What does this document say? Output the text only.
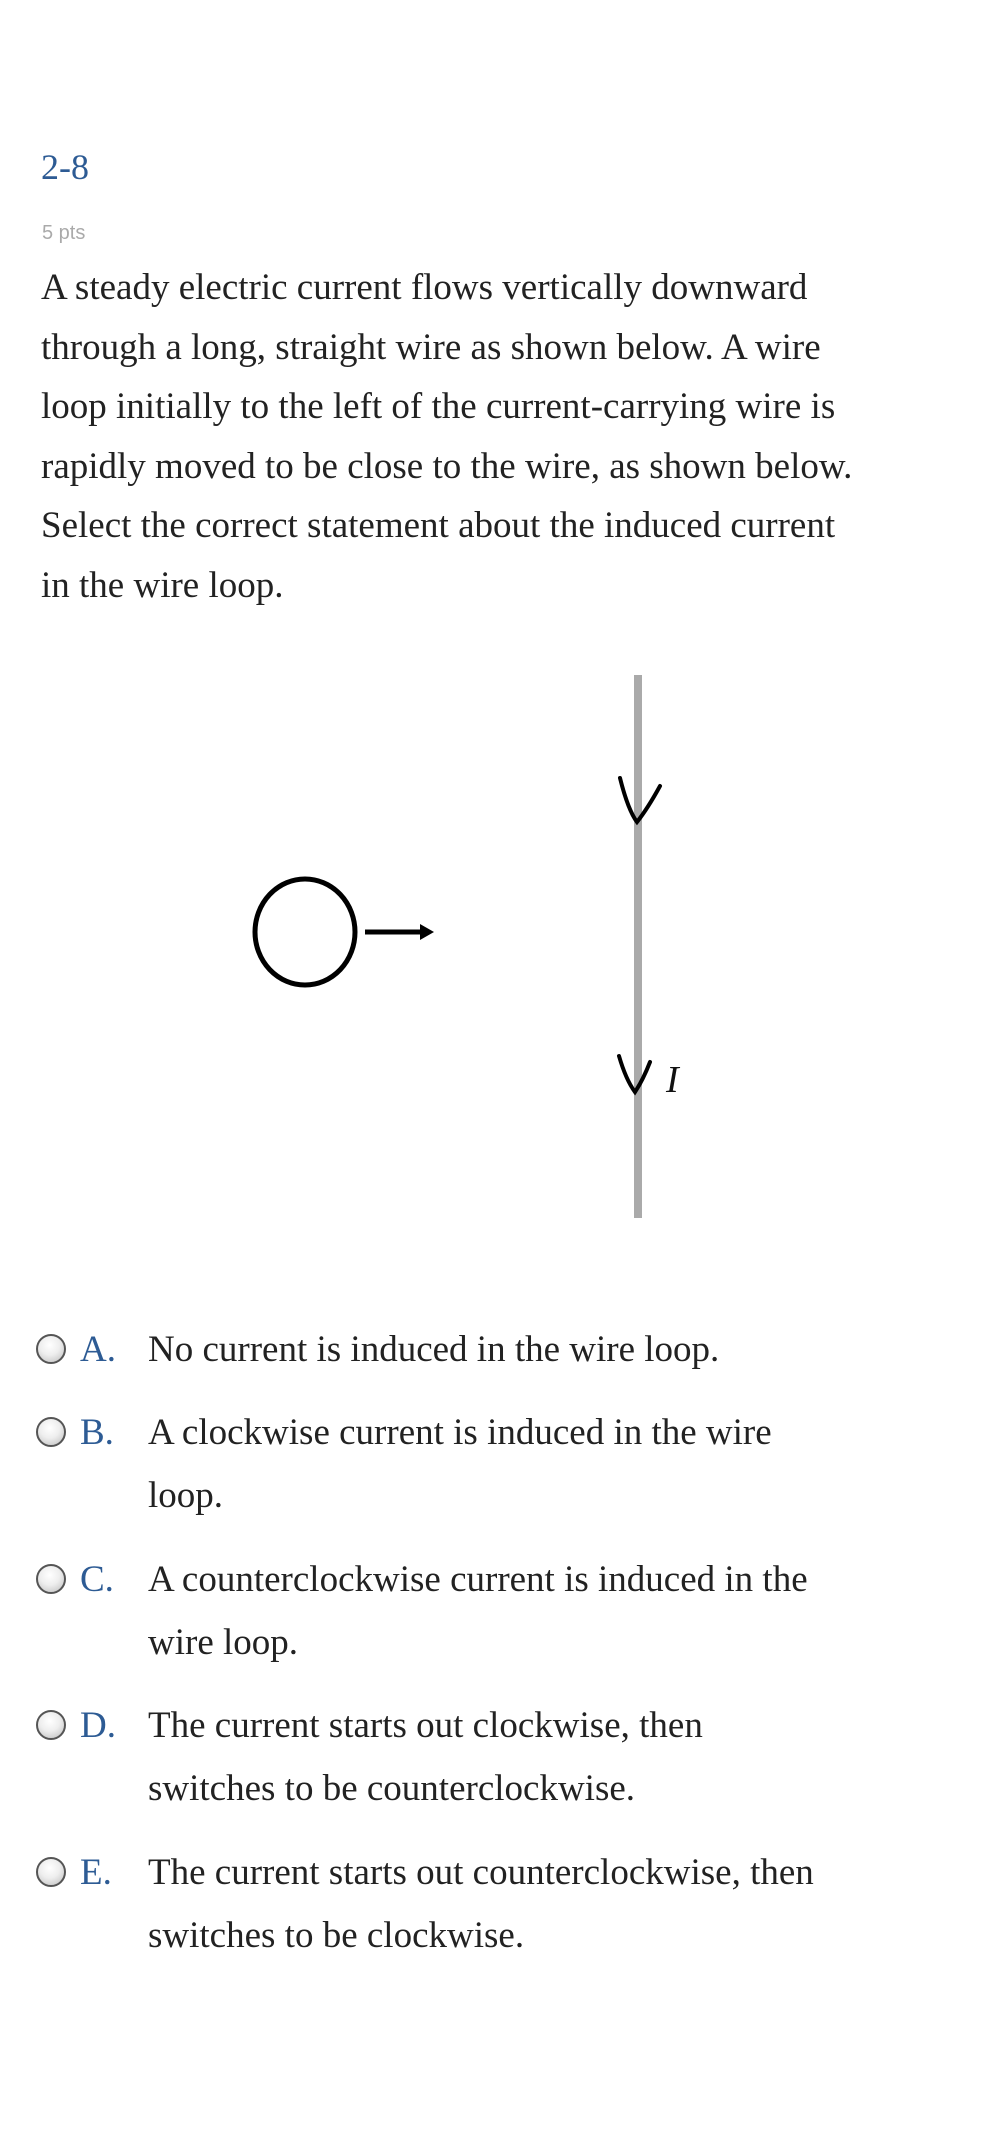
2-8
5 pts
A steady electric current flows vertically downward
through a long, straight wire as shown below. A wire
loop initially to the left of the current-carrying wire is
rapidly moved to be close to the wire, as shown below.
Select the correct statement about the induced current
in the wire loop.
I
A. No current is induced in the wire loop.
B. A clockwise current is induced in the wire
loop.
C. A counterclockwise current is induced in the
wire loop.
D. The current starts out clockwise, then
switches to be counterclockwise.
E. The current starts out counterclockwise, then
switches to be clockwise.
